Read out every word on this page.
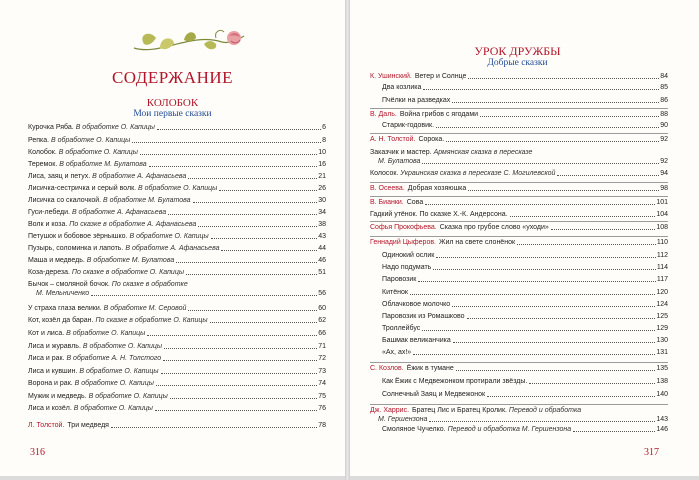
СОДЕРЖАНИЕ
КОЛОБОК
Мои первые сказки
Курочка Ряба. В обработке О. Капицы	6
Репка. В обработке О. Капицы	8
Колобок. В обработке О. Капицы	10
Теремок. В обработке М. Булатова	16
Лиса, заяц и петух. В обработке А. Афанасьева	21
Лисичка-сестричка и серый волк. В обработке О. Капицы	26
Лисичка со скалочкой. В обработке М. Булатова	30
Гуси-лебеди. В обработке А. Афанасьева	34
Волк и коза. По сказке в обработке А. Афанасьева	38
Петушок и бобовое зёрнышко. В обработке О. Капицы	43
Пузырь, соломинка и лапоть. В обработке А. Афанасьева	44
Маша и медведь. В обработке М. Булатова	46
Коза-дереза. По сказке в обработке О. Капицы	51
Бычок – смоляной бочок. По сказке в обработке
М. Мельниченко	56
У страха глаза велики. В обработке М. Серовой	60
Кот, козёл да баран. По сказке в обработке О. Капицы	62
Кот и лиса. В обработке О. Капицы	66
Лиса и журавль. В обработке О. Капицы	71
Лиса и рак. В обработке А. Н. Толстого	72
Лиса и кувшин. В обработке О. Капицы	73
Ворона и рак. В обработке О. Капицы	74
Мужик и медведь. В обработке О. Капицы	75
Лиса и козёл. В обработке О. Капицы	76
Л. Толстой. Три медведя	78
316
УРОК ДРУЖБЫ
Добрые сказки
К. Ушинский. Ветер и Солнце	84
Два козлика	85
Пчёлки на разведках	86
В. Даль. Война грибов с ягодами	88
Старик-годовик.	90
А. Н. Толстой. Сорока.	92
Заказчик и мастер. Армянская сказка в пересказе
М. Булатова	92
Колосок. Украинская сказка в пересказе С. Могилевской	94
В. Осеева. Добрая хозяюшка	98
В. Бианки. Сова	101
Гадкий утёнок. По сказке Х.-К. Андерсона.	104
Софья Прокофьева. Сказка про грубое слово «уходи»	108
Геннадий Цыферов. Жил на свете слонёнок	110
Одинокий ослик	112
Надо подумать	114
Паровозик	117
Китёнок	120
Облачковое молочко	124
Паровозик из Ромашково	125
Троллейбус	129
Башмак великанчика	130
«Ах, ах!»	131
С. Козлов. Ёжик в тумане	135
Как Ёжик с Медвежонком протирали звёзды.	138
Солнечный Заяц и Медвежонок	140
Дж. Харрис. Братец Лис и Братец Кролик. Перевод и обработка
М. Гершензона	143
Смоляное Чучелко. Перевод и обработка М. Гершензона	146
317
